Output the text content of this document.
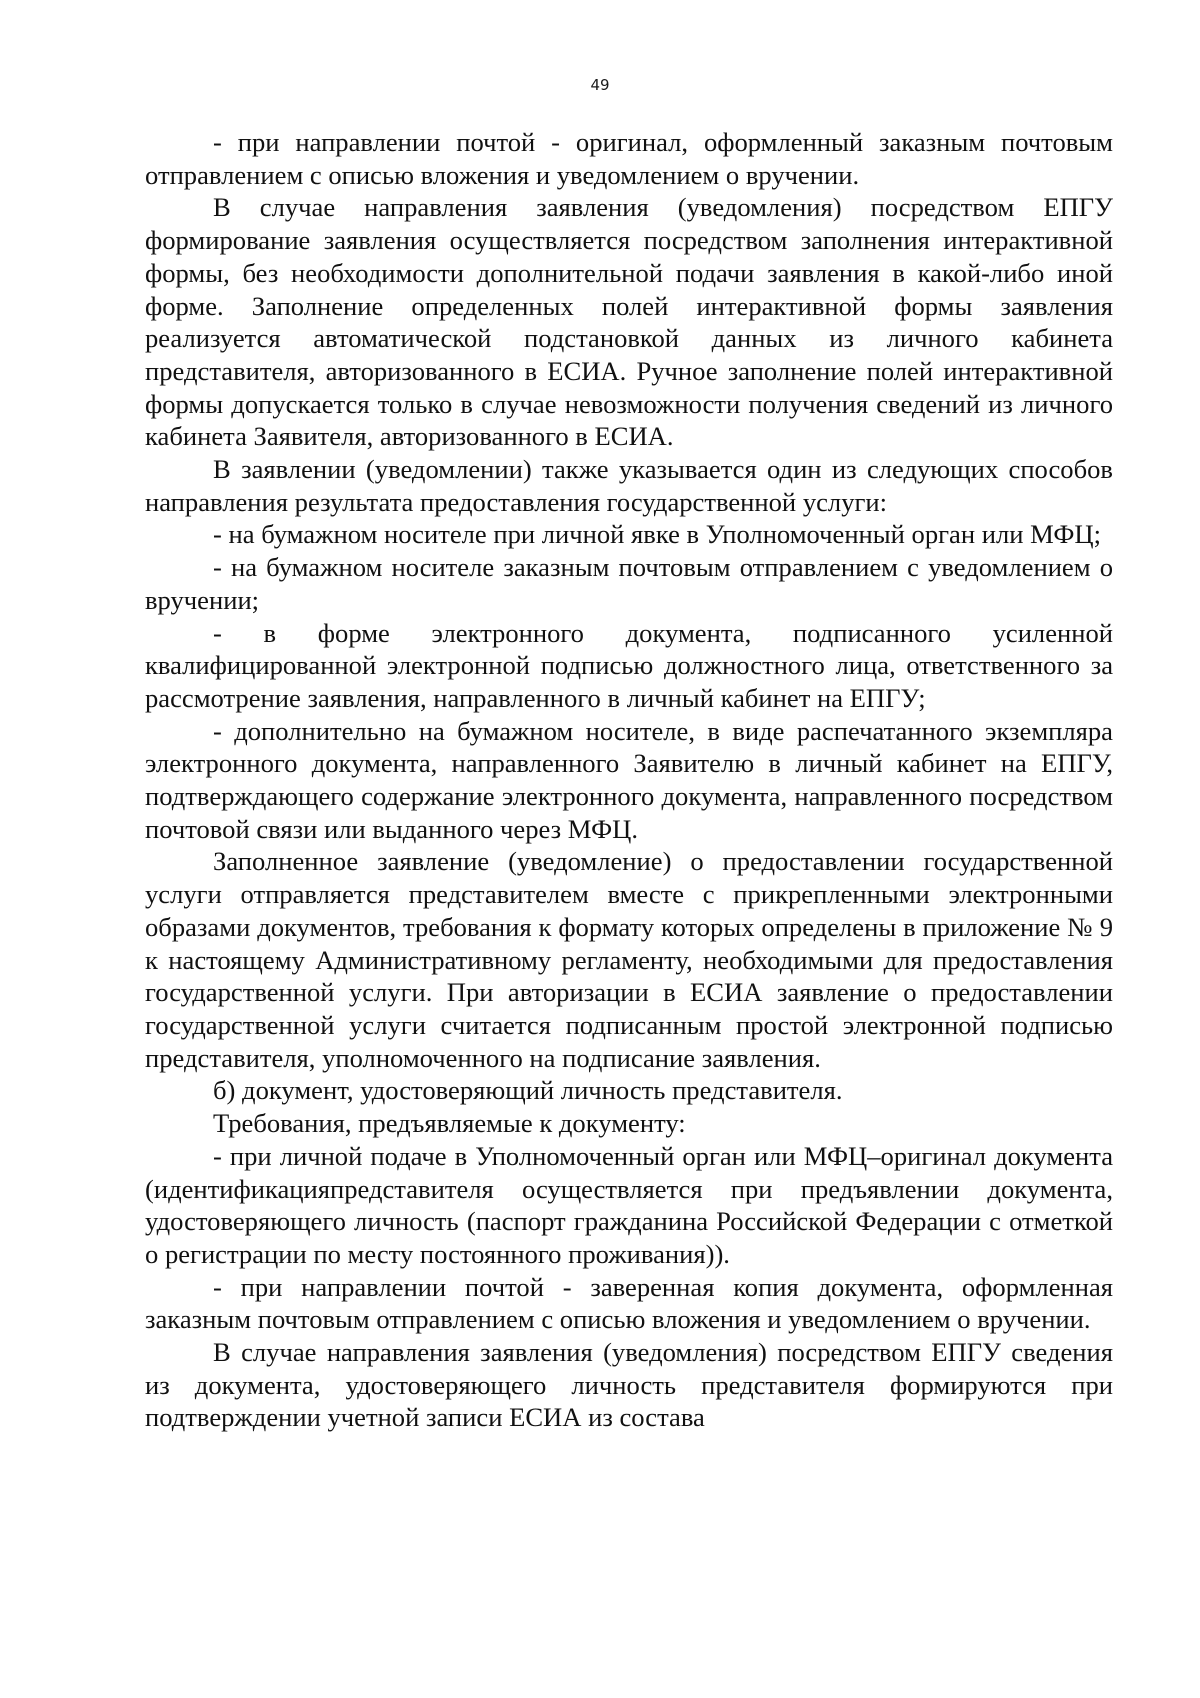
49

- при направлении почтой - оригинал, оформленный заказным почтовым отправлением с описью вложения и уведомлением о вручении.

В случае направления заявления (уведомления) посредством ЕПГУ формирование заявления осуществляется посредством заполнения интерактивной формы, без необходимости дополнительной подачи заявления в какой-либо иной форме. Заполнение определенных полей интерактивной формы заявления реализуется автоматической подстановкой данных из личного кабинета представителя, авторизованного в ЕСИА. Ручное заполнение полей интерактивной формы допускается только в случае невозможности получения сведений из личного кабинета Заявителя, авторизованного в ЕСИА.

В заявлении (уведомлении) также указывается один из следующих способов направления результата предоставления государственной услуги:

- на бумажном носителе при личной явке в Уполномоченный орган или МФЦ;

- на бумажном носителе заказным почтовым отправлением с уведомлением о вручении;

- в форме электронного документа, подписанного усиленной квалифицированной электронной подписью должностного лица, ответственного за рассмотрение заявления, направленного в личный кабинет на ЕПГУ;

- дополнительно на бумажном носителе, в виде распечатанного экземпляра электронного документа, направленного Заявителю в личный кабинет на ЕПГУ, подтверждающего содержание электронного документа, направленного посредством почтовой связи или выданного через МФЦ.

Заполненное заявление (уведомление) о предоставлении государственной услуги отправляется представителем вместе с прикрепленными электронными образами документов, требования к формату которых определены в приложение № 9 к настоящему Административному регламенту, необходимыми для предоставления государственной услуги. При авторизации в ЕСИА заявление о предоставлении государственной услуги считается подписанным простой электронной подписью представителя, уполномоченного на подписание заявления.

б) документ, удостоверяющий личность представителя.

Требования, предъявляемые к документу:

- при личной подаче в Уполномоченный орган или МФЦ–оригинал документа (идентификацияпредставителя осуществляется при предъявлении документа, удостоверяющего личность (паспорт гражданина Российской Федерации с отметкой о регистрации по месту постоянного проживания)).

- при направлении почтой - заверенная копия документа, оформленная заказным почтовым отправлением с описью вложения и уведомлением о вручении.

В случае направления заявления (уведомления) посредством ЕПГУ сведения из документа, удостоверяющего личность представителя формируются при подтверждении учетной записи ЕСИА из состава
